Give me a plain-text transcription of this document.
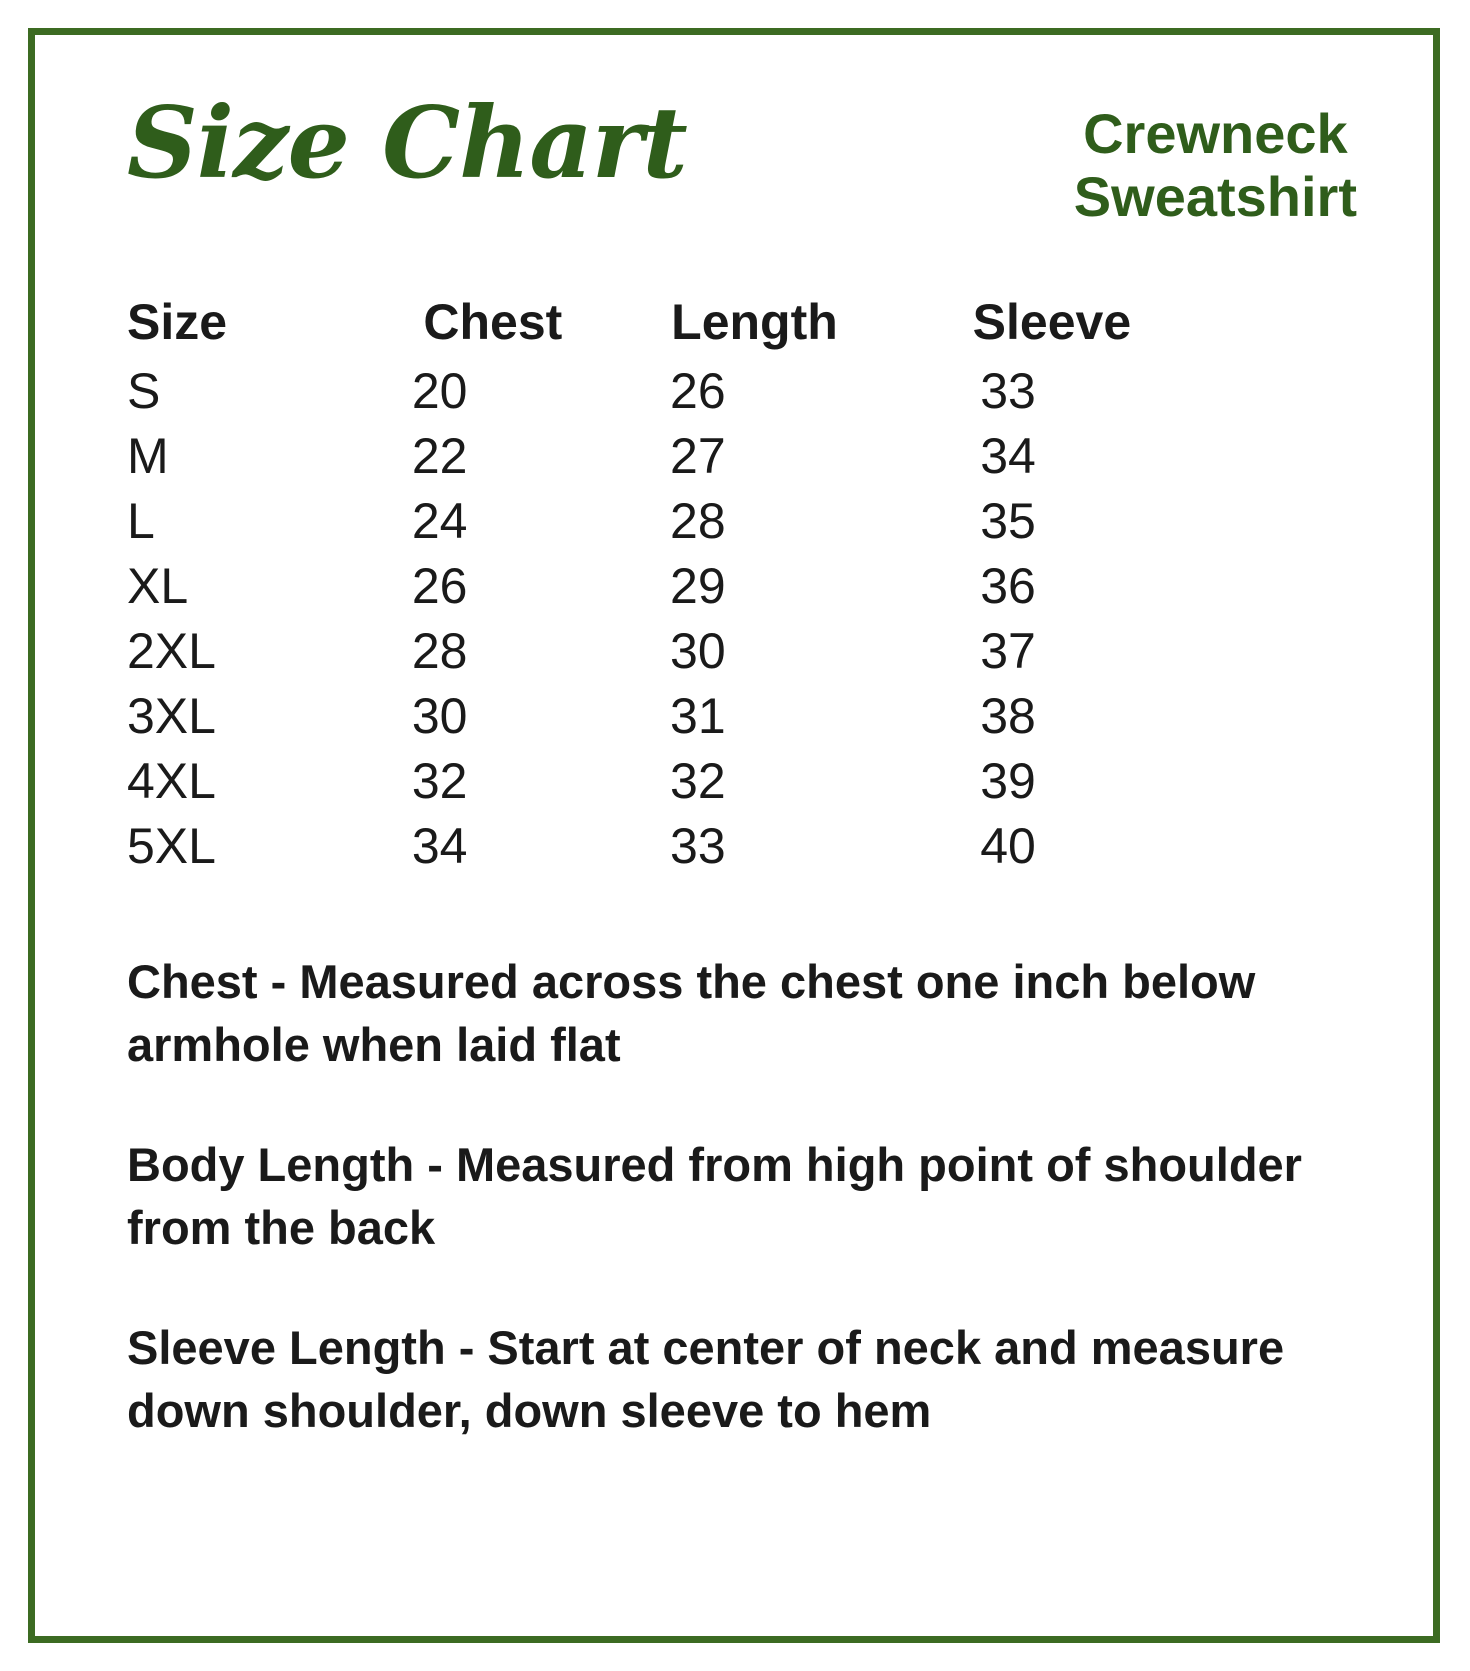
Size Chart	Crewneck
Sweatshirt
Size	Chest	Length	Sleeve
S	20	26	33
M	22	27	34
L	24	28	35
XL	26	29	36
2XL	28	30	37
3XL	30	31	38
4XL	32	32	39
5XL	34	33	40
Chest - Measured across the chest one inch below armhole when laid flat
Body Length - Measured from high point of shoulder from the back
Sleeve Length - Start at center of neck and measure down shoulder, down sleeve to hem
